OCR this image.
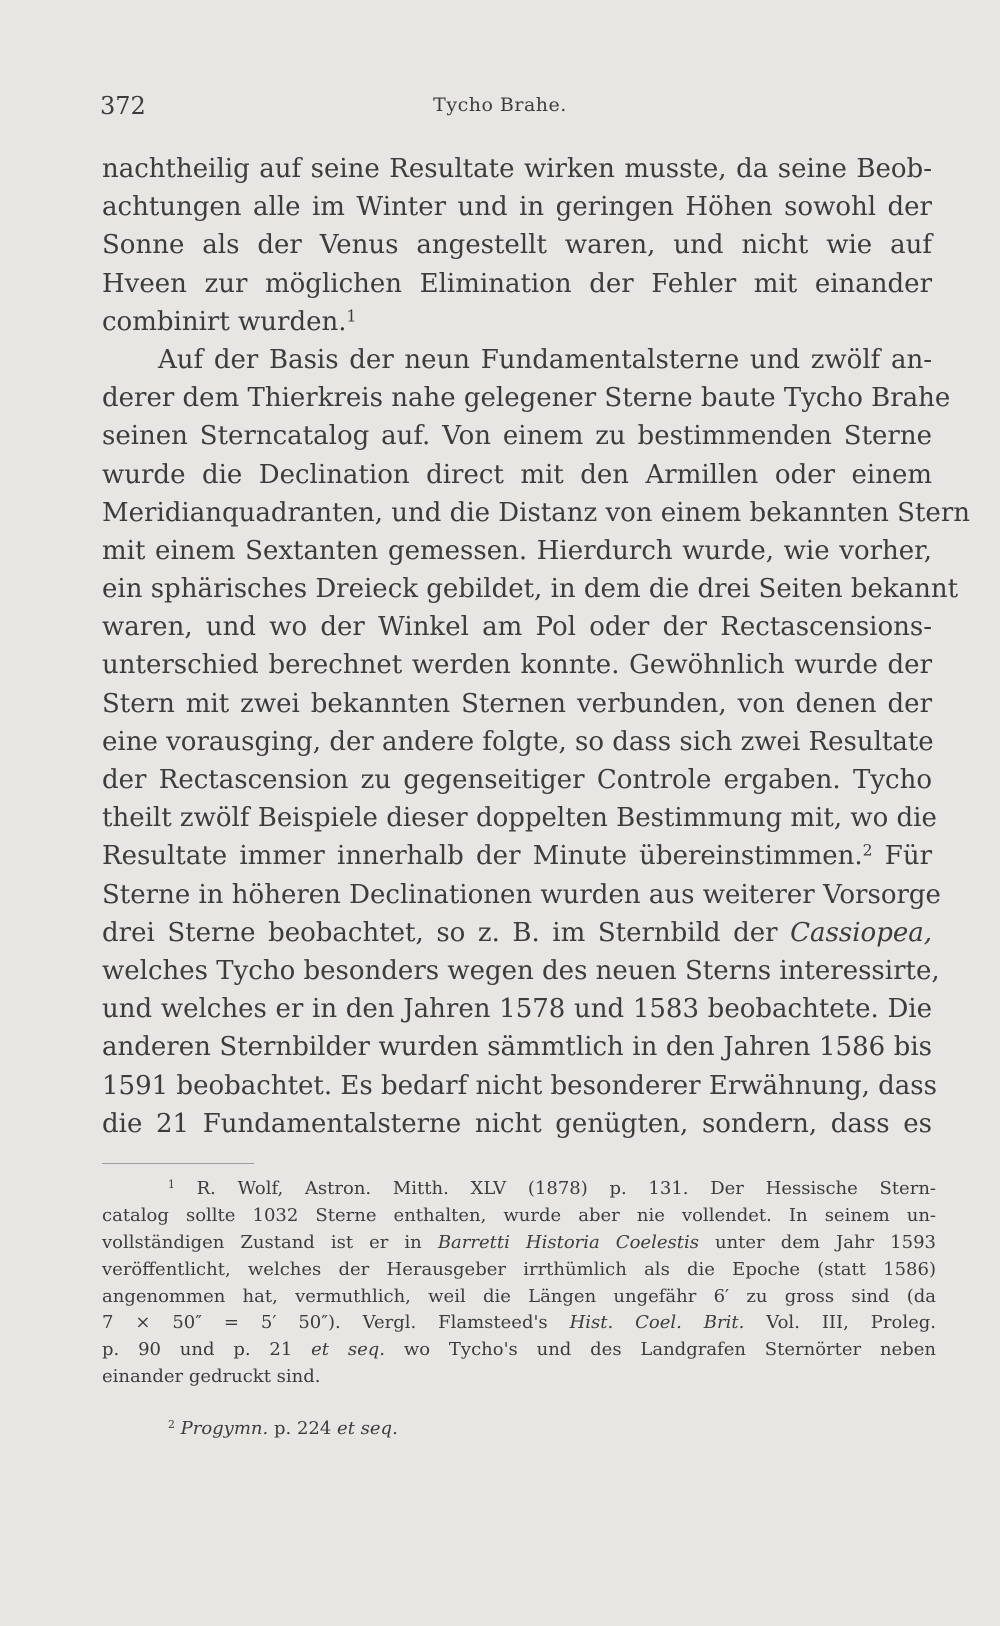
372	Tycho Brahe.
nachtheilig auf seine Resultate wirken musste, da seine Beob-
achtungen alle im Winter und in geringen Höhen sowohl der
Sonne als der Venus angestellt waren, und nicht wie auf
Hveen zur möglichen Elimination der Fehler mit einander
combinirt wurden.$^1$
Auf der Basis der neun Fundamentalsterne und zwölf an-
derer dem Thierkreis nahe gelegener Sterne baute Tycho Brahe
seinen Sterncatalog auf. Von einem zu bestimmenden Sterne
wurde die Declination direct mit den Armillen oder einem
Meridianquadranten, und die Distanz von einem bekannten Stern
mit einem Sextanten gemessen. Hierdurch wurde, wie vorher,
ein sphärisches Dreieck gebildet, in dem die drei Seiten bekannt
waren, und wo der Winkel am Pol oder der Rectascensions-
unterschied berechnet werden konnte. Gewöhnlich wurde der
Stern mit zwei bekannten Sternen verbunden, von denen der
eine vorausging, der andere folgte, so dass sich zwei Resultate
der Rectascension zu gegenseitiger Controle ergaben. Tycho
theilt zwölf Beispiele dieser doppelten Bestimmung mit, wo die
Resultate immer innerhalb der Minute übereinstimmen.$^2$ Für
Sterne in höheren Declinationen wurden aus weiterer Vorsorge
drei Sterne beobachtet, so z. B. im Sternbild der Cassiopea,
welches Tycho besonders wegen des neuen Sterns interessirte,
und welches er in den Jahren 1578 und 1583 beobachtete. Die
anderen Sternbilder wurden sämmtlich in den Jahren 1586 bis
1591 beobachtet. Es bedarf nicht besonderer Erwähnung, dass
die 21 Fundamentalsterne nicht genügten, sondern, dass es
$^1$ R. Wolf, Astron. Mitth. XLV (1878) p. 131. Der Hessische Stern-
catalog sollte 1032 Sterne enthalten, wurde aber nie vollendet. In seinem un-
vollständigen Zustand ist er in Barretti Historia Coelestis unter dem Jahr 1593
veröffentlicht, welches der Herausgeber irrthümlich als die Epoche (statt 1586)
angenommen hat, vermuthlich, weil die Längen ungefähr 6′ zu gross sind (da
7 × 50″ = 5′ 50″). Vergl. Flamsteed's Hist. Coel. Brit. Vol. III, Proleg.
p. 90 und p. 21 et seq. wo Tycho's und des Landgrafen Sternörter neben
einander gedruckt sind.
$^2$ Progymn. p. 224 et seq.
